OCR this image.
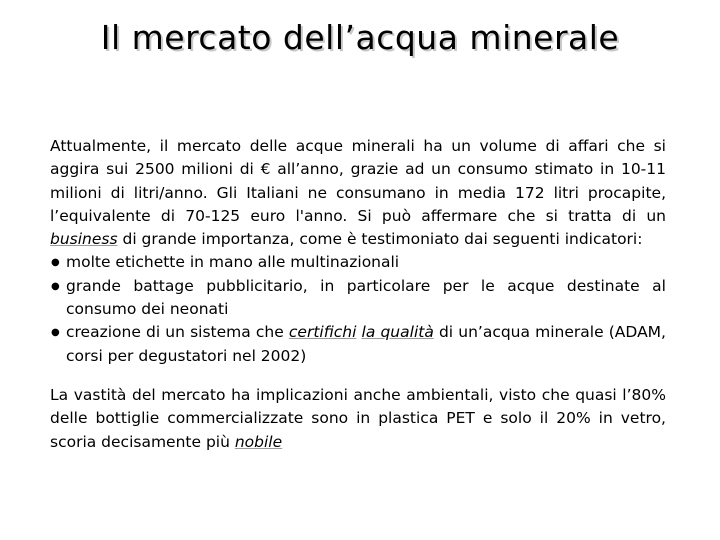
Il mercato dell’acqua minerale

Attualmente, il mercato delle acque minerali ha un volume di affari che si aggira sui 2500 milioni di € all’anno, grazie ad un consumo stimato in 10-11 milioni di litri/anno. Gli Italiani ne consumano in media 172 litri procapite, l’equivalente di 70-125 euro l'anno. Si può affermare che si tratta di un business di grande importanza, come è testimoniato dai seguenti indicatori:

● molte etichette in mano alle multinazionali
● grande battage pubblicitario, in particolare per le acque destinate al consumo dei neonati
● creazione di un sistema che certifichi la qualità di un’acqua minerale (ADAM, corsi per degustatori nel 2002)

La vastità del mercato ha implicazioni anche ambientali, visto che quasi l’80% delle bottiglie commercializzate sono in plastica PET e solo il 20% in vetro, scoria decisamente più nobile
